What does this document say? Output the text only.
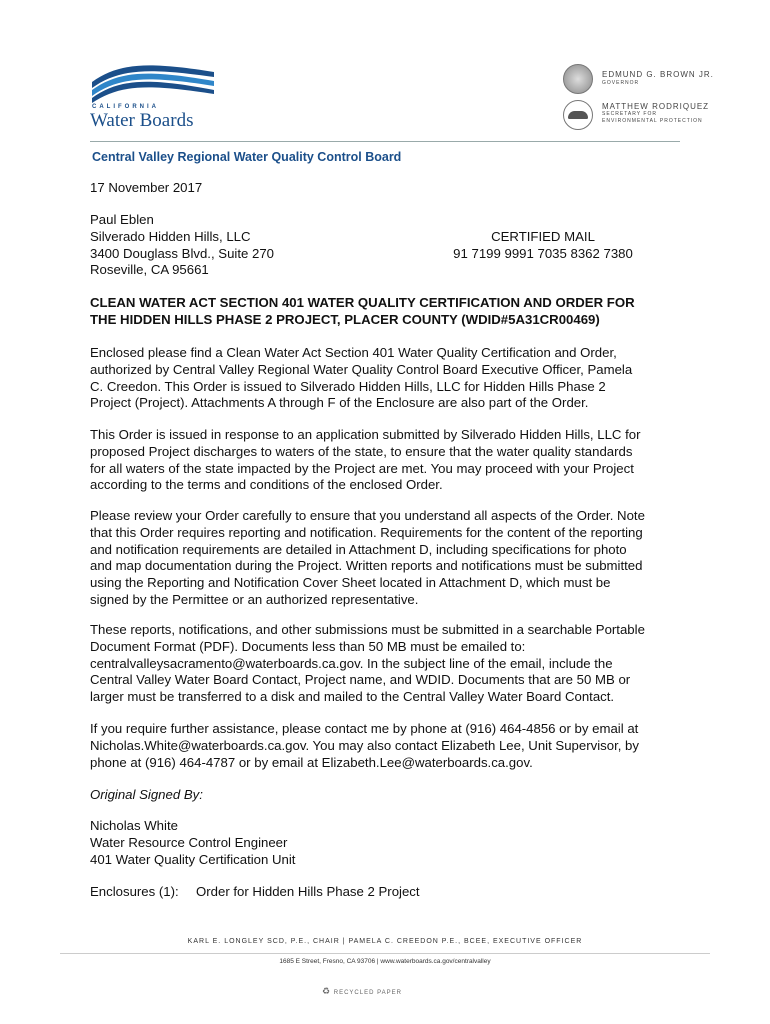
CALIFORNIA
Water Boards
EDMUND G. BROWN JR.
GOVERNOR
MATTHEW RODRIQUEZ
SECRETARY FOR
ENVIRONMENTAL PROTECTION
Central Valley Regional Water Quality Control Board
17 November 2017
Paul Eblen
Silverado Hidden Hills, LLC
3400 Douglass Blvd., Suite 270
Roseville, CA 95661
CERTIFIED MAIL
91 7199 9991 7035 8362 7380
CLEAN WATER ACT SECTION 401 WATER QUALITY CERTIFICATION AND ORDER FOR
THE HIDDEN HILLS PHASE 2 PROJECT, PLACER COUNTY (WDID#5A31CR00469)
Enclosed please find a Clean Water Act Section 401 Water Quality Certification and Order,
authorized by Central Valley Regional Water Quality Control Board Executive Officer, Pamela
C. Creedon. This Order is issued to Silverado Hidden Hills, LLC for Hidden Hills Phase 2
Project (Project). Attachments A through F of the Enclosure are also part of the Order.
This Order is issued in response to an application submitted by Silverado Hidden Hills, LLC for
proposed Project discharges to waters of the state, to ensure that the water quality standards
for all waters of the state impacted by the Project are met. You may proceed with your Project
according to the terms and conditions of the enclosed Order.
Please review your Order carefully to ensure that you understand all aspects of the Order. Note
that this Order requires reporting and notification. Requirements for the content of the reporting
and notification requirements are detailed in Attachment D, including specifications for photo
and map documentation during the Project. Written reports and notifications must be submitted
using the Reporting and Notification Cover Sheet located in Attachment D, which must be
signed by the Permittee or an authorized representative.
These reports, notifications, and other submissions must be submitted in a searchable Portable
Document Format (PDF). Documents less than 50 MB must be emailed to:
centralvalleysacramento@waterboards.ca.gov. In the subject line of the email, include the
Central Valley Water Board Contact, Project name, and WDID. Documents that are 50 MB or
larger must be transferred to a disk and mailed to the Central Valley Water Board Contact.
If you require further assistance, please contact me by phone at (916) 464-4856 or by email at
Nicholas.White@waterboards.ca.gov. You may also contact Elizabeth Lee, Unit Supervisor, by
phone at (916) 464-4787 or by email at Elizabeth.Lee@waterboards.ca.gov.
Original Signed By:
Nicholas White
Water Resource Control Engineer
401 Water Quality Certification Unit
Enclosures (1): Order for Hidden Hills Phase 2 Project
KARL E. LONGLEY SCD, P.E., CHAIR | PAMELA C. CREEDON P.E., BCEE, EXECUTIVE OFFICER
1685 E Street, Fresno, CA 93706 | www.waterboards.ca.gov/centralvalley
♻ RECYCLED PAPER
